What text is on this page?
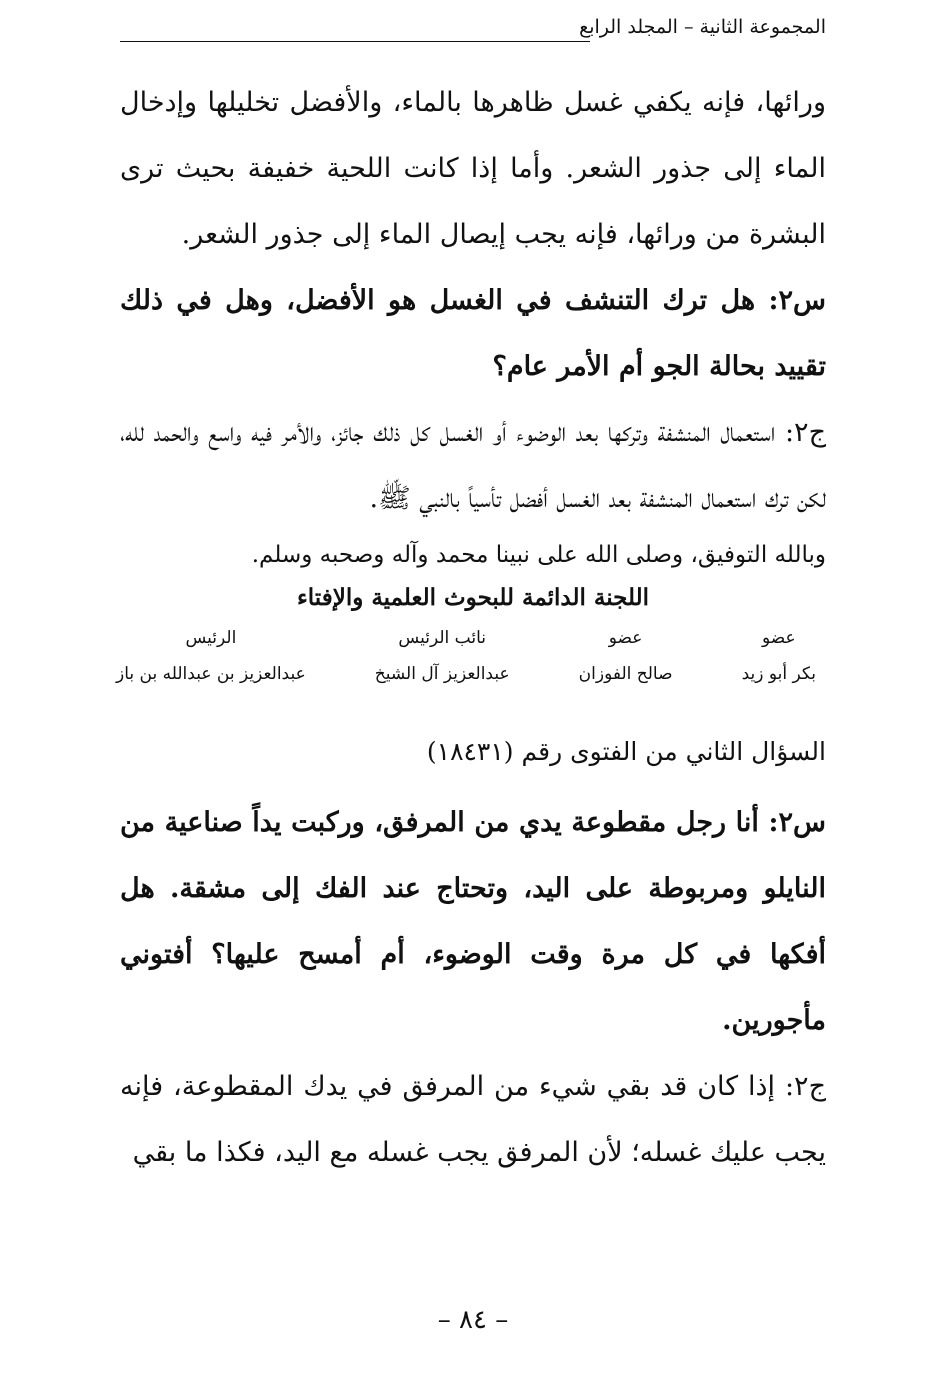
المجموعة الثانية – المجلد الرابع

ورائها، فإنه يكفي غسل ظاهرها بالماء، والأفضل تخليلها وإدخال الماء إلى جذور الشعر. وأما إذا كانت اللحية خفيفة بحيث ترى البشرة من ورائها، فإنه يجب إيصال الماء إلى جذور الشعر.

س٢: هل ترك التنشف في الغسل هو الأفضل، وهل في ذلك تقييد بحالة الجو أم الأمر عام؟

ج٢: استعمال المنشفة وتركها بعد الوضوء أو الغسل كل ذلك جائز، والأمر فيه واسع والحمد لله، لكن ترك استعمال المنشفة بعد الغسل أفضل تأسياً بالنبي ﷺ.

وبالله التوفيق، وصلى الله على نبينا محمد وآله وصحبه وسلم.

اللجنة الدائمة للبحوث العلمية والإفتاء
عضو
بكر أبو زيد
عضو
صالح الفوزان
نائب الرئيس
عبدالعزيز آل الشيخ
الرئيس
عبدالعزيز بن عبدالله بن باز

السؤال الثاني من الفتوى رقم (١٨٤٣١)

س٢: أنا رجل مقطوعة يدي من المرفق، وركبت يداً صناعية من النايلو ومربوطة على اليد، وتحتاج عند الفك إلى مشقة. هل أفكها في كل مرة وقت الوضوء، أم أمسح عليها؟ أفتوني مأجورين.

ج٢: إذا كان قد بقي شيء من المرفق في يدك المقطوعة، فإنه يجب عليك غسله؛ لأن المرفق يجب غسله مع اليد، فكذا ما بقي

– ٨٤ –
